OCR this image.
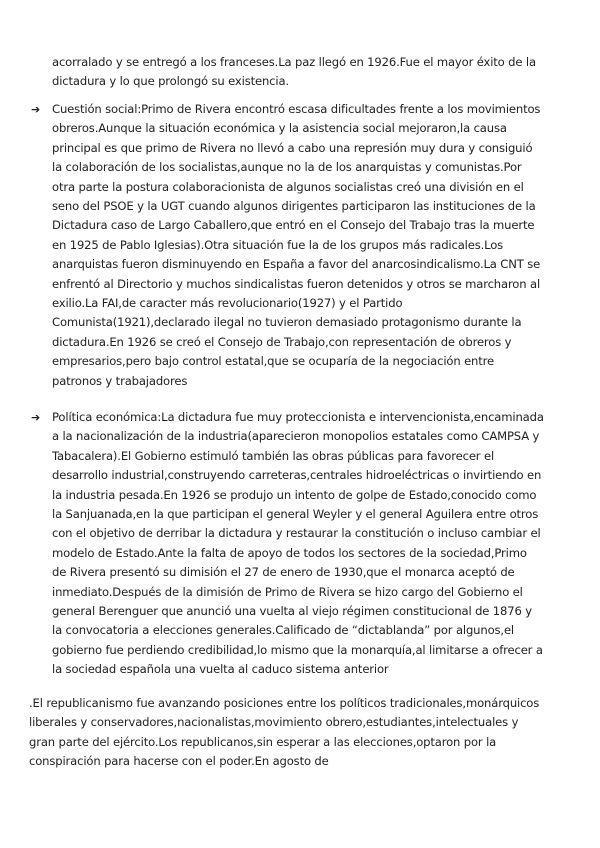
acorralado y se entregó a los franceses.La paz llegó en 1926.Fue el mayor éxito de la dictadura y lo que prolongó su existencia.

➔	Cuestión social:Primo de Rivera encontró escasa dificultades frente a los movimientos obreros.Aunque la situación económica y la asistencia social mejoraron,la causa principal es que primo de Rivera no llevó a cabo una represión muy dura y consiguió la colaboración de los socialistas,aunque no la de los anarquistas y comunistas.Por otra parte la postura colaboracionista de algunos socialistas creó una división en el seno del PSOE y la UGT cuando algunos dirigentes participaron las instituciones de la Dictadura caso de Largo Caballero,que entró en el Consejo del Trabajo tras la muerte en 1925 de Pablo Iglesias).Otra situación fue la de los grupos más radicales.Los anarquistas fueron disminuyendo en España a favor del anarcosindicalismo.La CNT se enfrentó al Directorio y muchos sindicalistas fueron detenidos y otros se marcharon al exilio.La FAI,de caracter más revolucionario(1927) y el Partido Comunista(1921),declarado ilegal no tuvieron demasiado protagonismo durante la dictadura.En 1926 se creó el Consejo de Trabajo,con representación de obreros y empresarios,pero bajo control estatal,que se ocuparía de la negociación entre patronos y trabajadores

➔	Política económica:La dictadura fue muy proteccionista e intervencionista,encaminada a la nacionalización de la industria(aparecieron monopolios estatales como CAMPSA y Tabacalera).El Gobierno estimuló también las obras públicas para favorecer el desarrollo industrial,construyendo carreteras,centrales hidroeléctricas o invirtiendo en la industria pesada.En 1926 se produjo un intento de golpe de Estado,conocido como la Sanjuanada,en la que participan el general Weyler y el general Aguilera entre otros con el objetivo de derribar la dictadura y restaurar la constitución o incluso cambiar el modelo de Estado.Ante la falta de apoyo de todos los sectores de la sociedad,Primo de Rivera presentó su dimisión el 27 de enero de 1930,que el monarca aceptó de inmediato.Después de la dimisión de Primo de Rivera se hizo cargo del Gobierno el general Berenguer que anunció una vuelta al viejo régimen constitucional de 1876 y la convocatoria a elecciones generales.Calificado de “dictablanda” por algunos,el gobierno fue perdiendo credibilidad,lo mismo que la monarquía,al limitarse a ofrecer a la sociedad española una vuelta al caduco sistema anterior

.El republicanismo fue avanzando posiciones entre los políticos tradicionales,monárquicos liberales y conservadores,nacionalistas,movimiento obrero,estudiantes,intelectuales y gran parte del ejército.Los republicanos,sin esperar a las elecciones,optaron por la conspiración para hacerse con el poder.En agosto de
